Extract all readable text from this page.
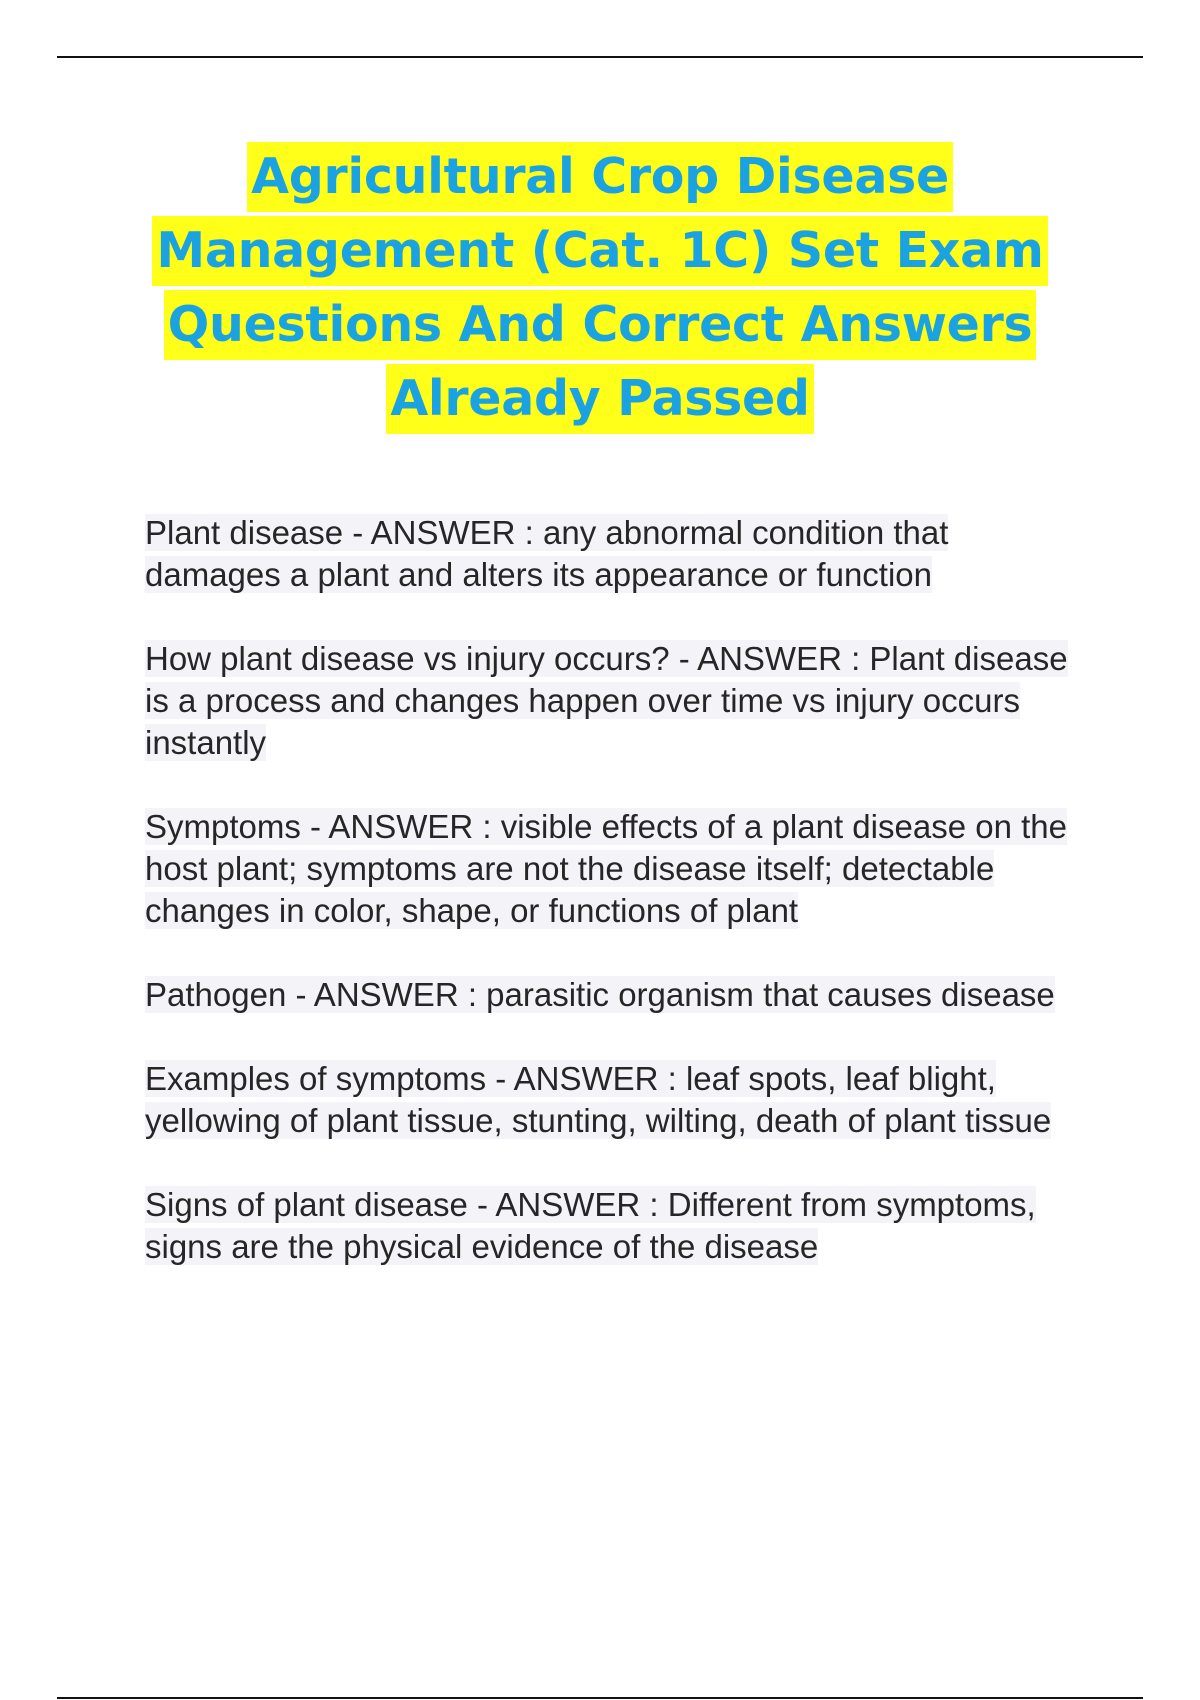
Agricultural Crop Disease
Management (Cat. 1C) Set Exam
Questions And Correct Answers
Already Passed
Plant disease - ANSWER : any abnormal condition that damages a plant and alters its appearance or function
How plant disease vs injury occurs? - ANSWER : Plant disease is a process and changes happen over time vs injury occurs instantly
Symptoms - ANSWER : visible effects of a plant disease on the host plant; symptoms are not the disease itself; detectable changes in color, shape, or functions of plant
Pathogen - ANSWER : parasitic organism that causes disease
Examples of symptoms - ANSWER : leaf spots, leaf blight, yellowing of plant tissue, stunting, wilting, death of plant tissue
Signs of plant disease - ANSWER : Different from symptoms, signs are the physical evidence of the disease
